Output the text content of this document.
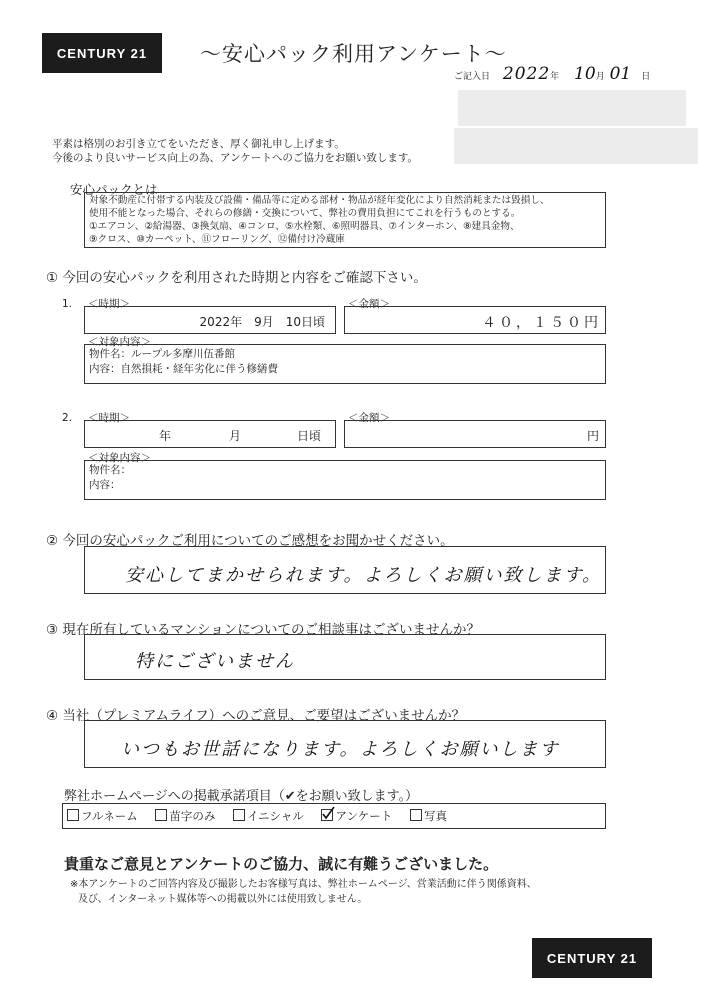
CENTURY 21	～安心パック利用アンケート～
ご記入日 2022年 10月 01 日
平素は格別のお引き立てをいただき、厚く御礼申し上げます。
今後のより良いサービス向上の為、アンケートへのご協力をお願い致します。
安心パックとは
対象不動産に付帯する内装及び設備・備品等に定める部材・物品が経年変化により自然消耗または毀損し、
使用不能となった場合、それらの修繕・交換について、弊社の費用負担にてこれを行うものとする。
①エアコン、②給湯器、③換気扇、④コンロ、⑤水栓類、⑥照明器具、⑦インターホン、⑧建具金物、
⑨クロス、⑩カーペット、⑪フローリング、⑫備付け冷蔵庫
① 今回の安心パックを利用された時期と内容をご確認下さい。
1. ＜時期＞
2022年　9月　10日頃
＜金額＞
４０，１５０円
＜対象内容＞
物件名：ループル多摩川伍番館
内容：自然損耗・経年劣化に伴う修繕費
2. ＜時期＞
年	月	日頃
＜金額＞
円
＜対象内容＞
物件名：
内容：
② 今回の安心パックご利用についてのご感想をお聞かせください。
安心してまかせられます。よろしくお願い致します。
③ 現在所有しているマンションについてのご相談事はございませんか？
特にございません
④ 当社（プレミアムライフ）へのご意見、ご要望はございませんか？
いつもお世話になります。よろしくお願いします
弊社ホームページへの掲載承諾項目（✔をお願い致します。）
フルネーム	苗字のみ	イニシャル	アンケート	写真
貴重なご意見とアンケートのご協力、誠に有難うございました。
※本アンケートのご回答内容及び撮影したお客様写真は、弊社ホームページ、営業活動に伴う関係資料、
及び、インターネット媒体等への掲載以外には使用致しません。
CENTURY 21
